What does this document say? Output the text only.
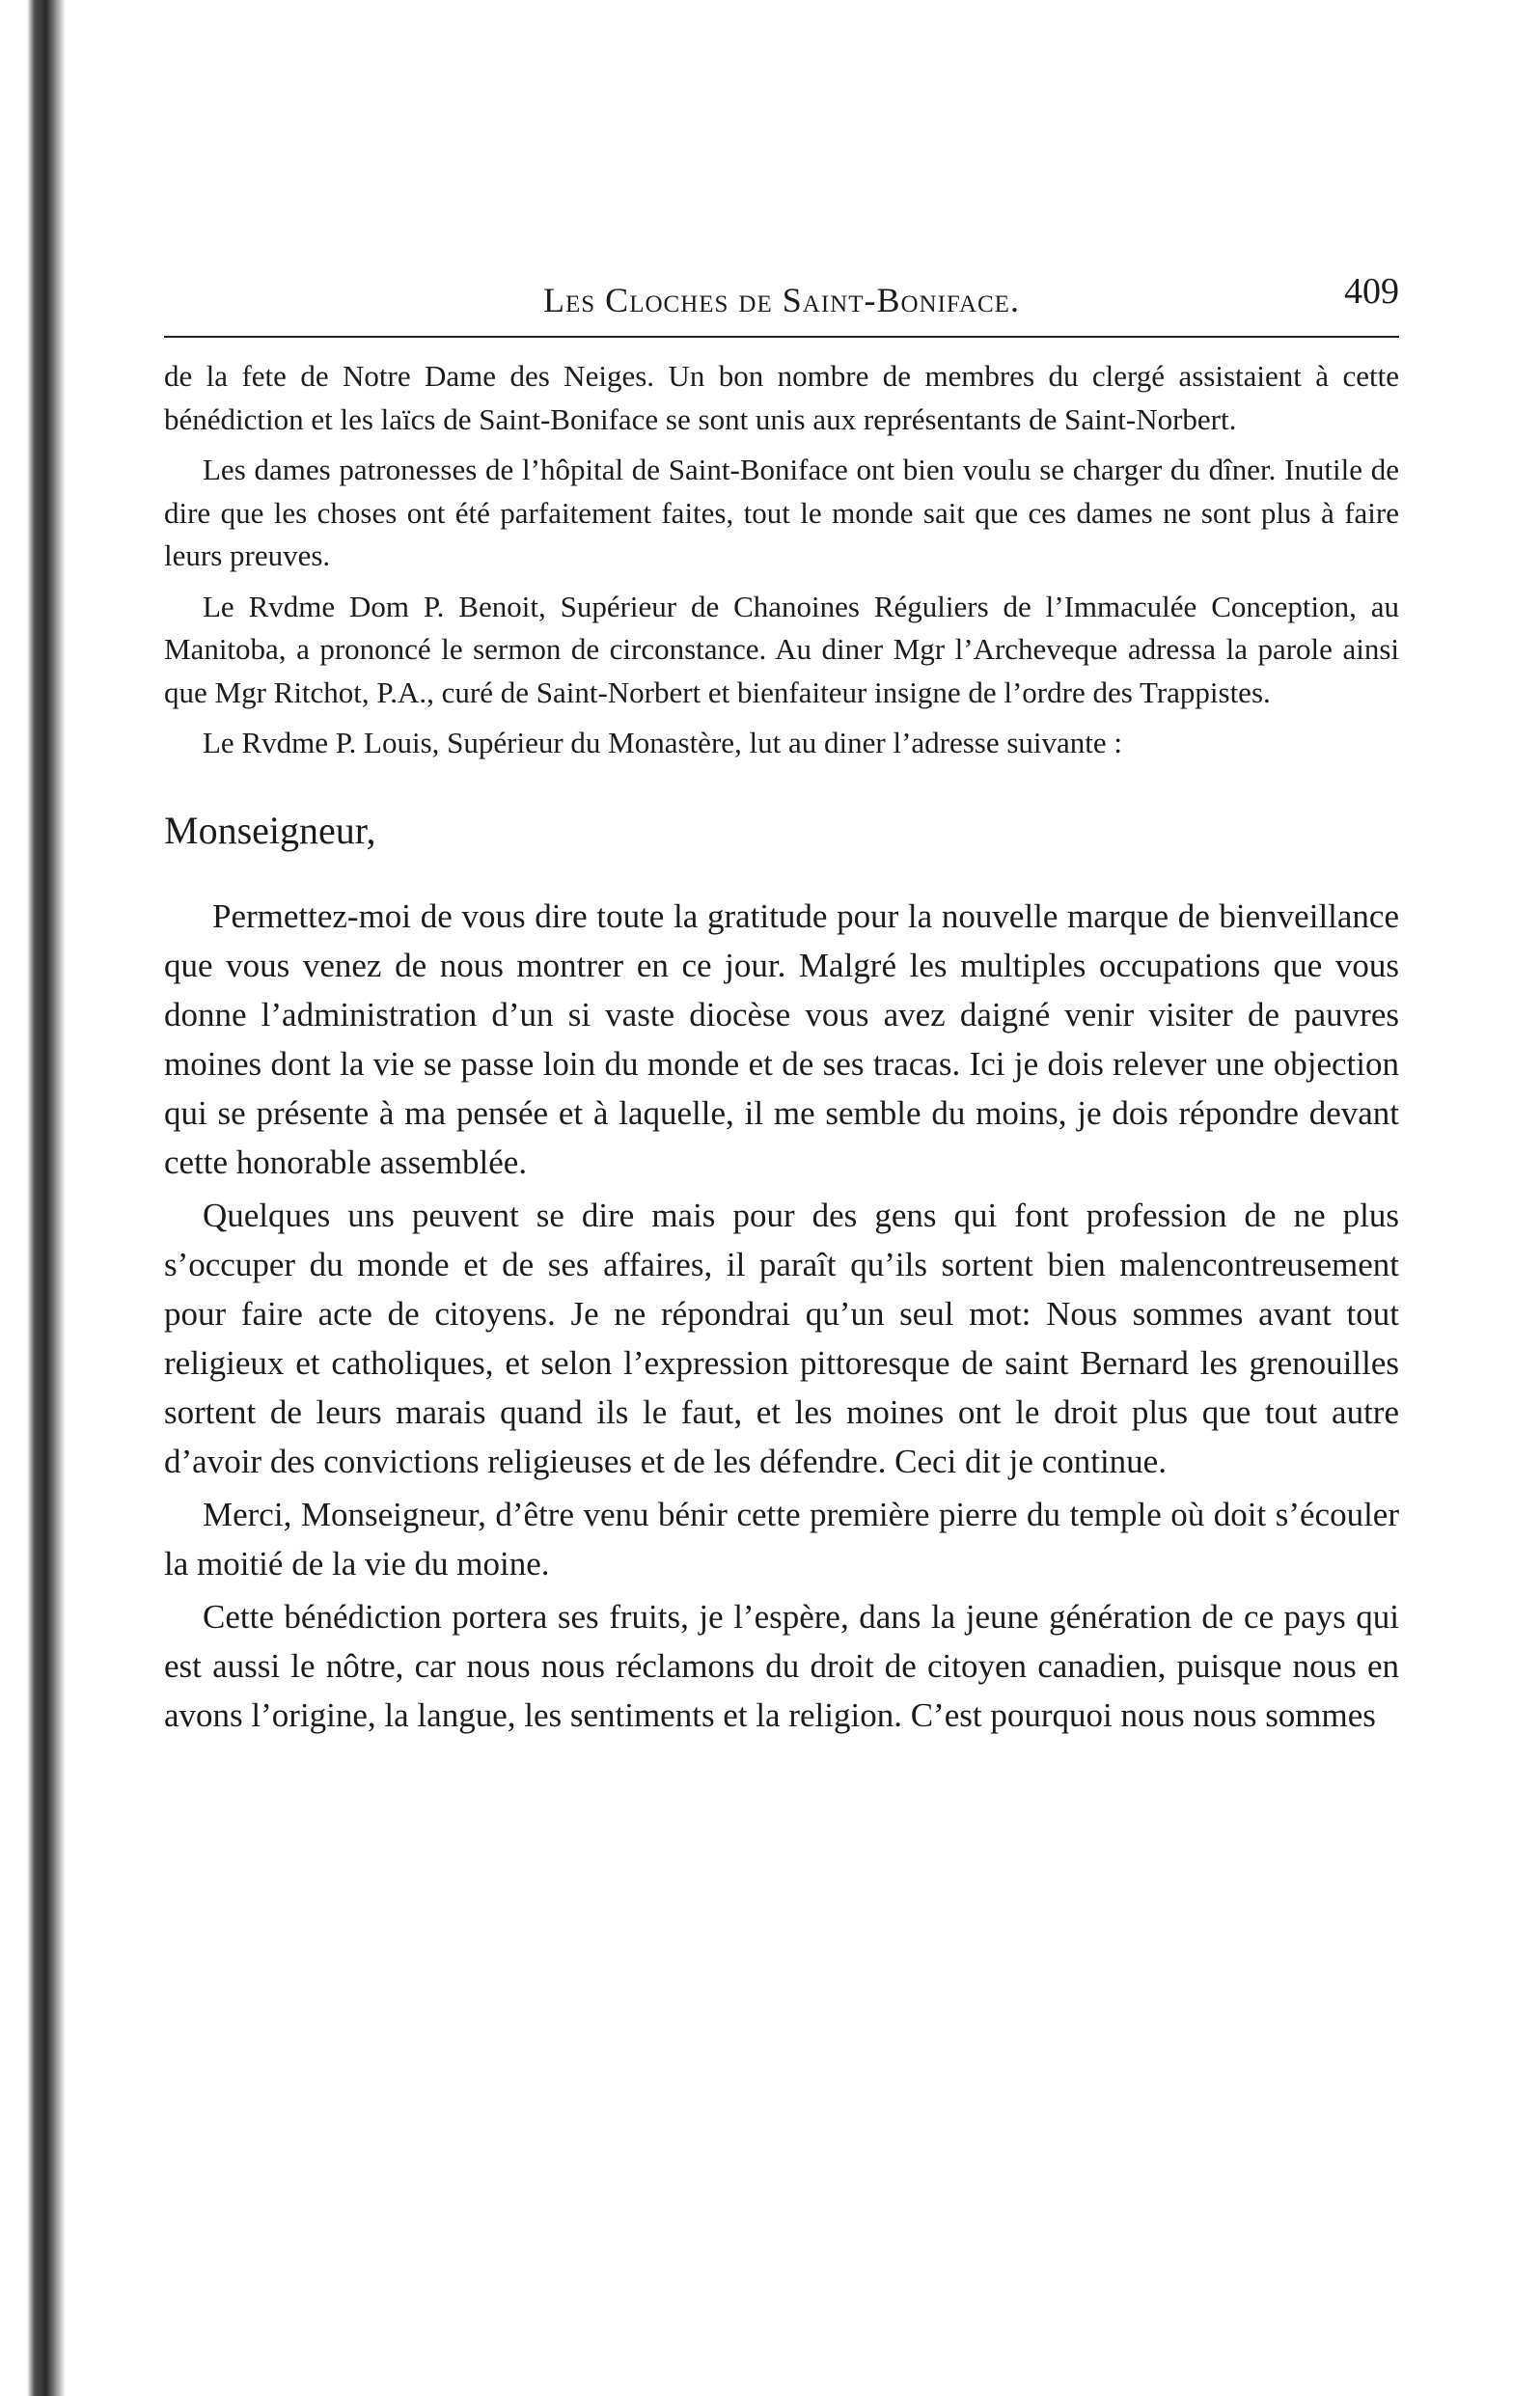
Les Cloches de Saint-Boniface.	409

de la fete de Notre Dame des Neiges. Un bon nombre de membres du clergé assistaient à cette bénédiction et les laïcs de Saint-Boniface se sont unis aux représentants de Saint-Norbert.

Les dames patronesses de l’hôpital de Saint-Boniface ont bien voulu se charger du dîner. Inutile de dire que les choses ont été parfaitement faites, tout le monde sait que ces dames ne sont plus à faire leurs preuves.

Le Rvdme Dom P. Benoit, Supérieur de Chanoines Réguliers de l’Immaculée Conception, au Manitoba, a prononcé le sermon de circonstance. Au diner Mgr l’Archeveque adressa la parole ainsi que Mgr Ritchot, P.A., curé de Saint-Norbert et bienfaiteur insigne de l’ordre des Trappistes.

Le Rvdme P. Louis, Supérieur du Monastère, lut au diner l’adresse suivante :

Monseigneur,

Permettez-moi de vous dire toute la gratitude pour la nouvelle marque de bienveillance que vous venez de nous montrer en ce jour. Malgré les multiples occupations que vous donne l’administration d’un si vaste diocèse vous avez daigné venir visiter de pauvres moines dont la vie se passe loin du monde et de ses tracas. Ici je dois relever une objection qui se présente à ma pensée et à laquelle, il me semble du moins, je dois répondre devant cette honorable assemblée.

Quelques uns peuvent se dire mais pour des gens qui font profession de ne plus s’occuper du monde et de ses affaires, il paraît qu’ils sortent bien malencontreusement pour faire acte de citoyens. Je ne répondrai qu’un seul mot: Nous sommes avant tout religieux et catholiques, et selon l’expression pittoresque de saint Bernard les grenouilles sortent de leurs marais quand ils le faut, et les moines ont le droit plus que tout autre d’avoir des convictions religieuses et de les défendre. Ceci dit je continue.

Merci, Monseigneur, d’être venu bénir cette première pierre du temple où doit s’écouler la moitié de la vie du moine.

Cette bénédiction portera ses fruits, je l’espère, dans la jeune génération de ce pays qui est aussi le nôtre, car nous nous réclamons du droit de citoyen canadien, puisque nous en avons l’origine, la langue, les sentiments et la religion. C’est pourquoi nous nous sommes
